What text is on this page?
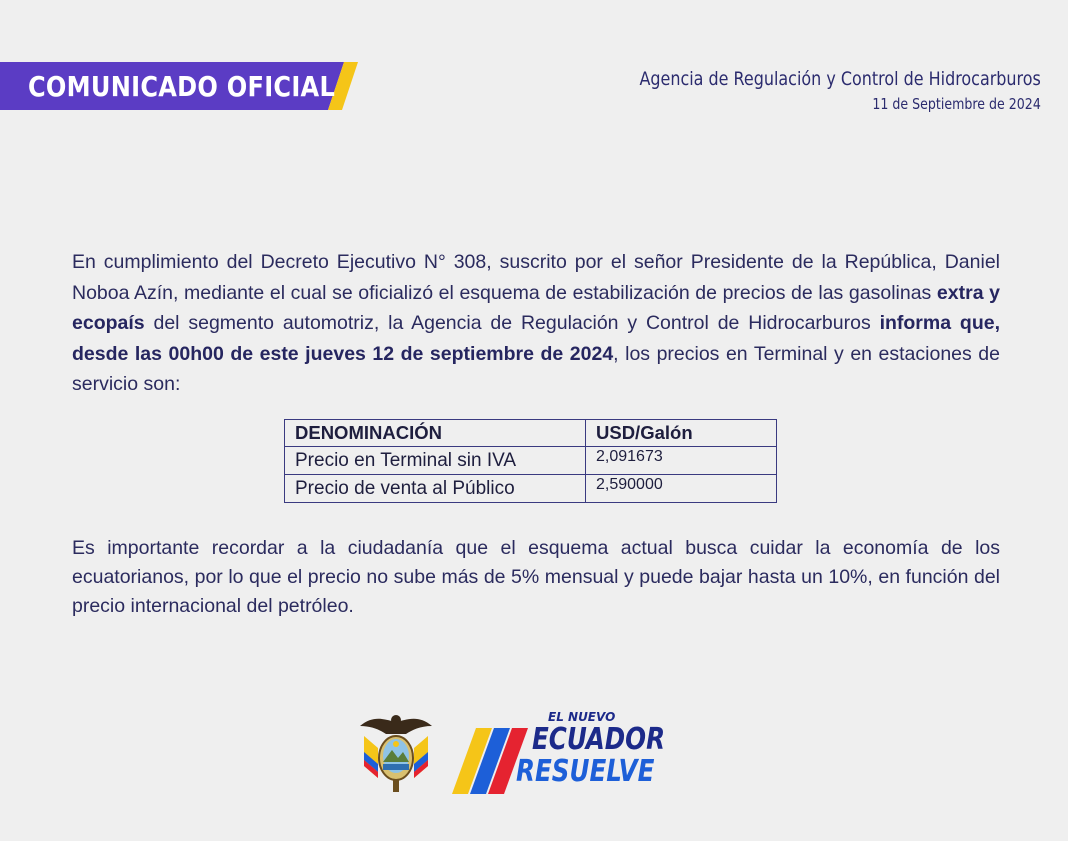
COMUNICADO OFICIAL	Agencia de Regulación y Control de Hidrocarburos
11 de Septiembre de 2024

En cumplimiento del Decreto Ejecutivo N° 308, suscrito por el señor Presidente de la República, Daniel Noboa Azín, mediante el cual se oficializó el esquema de estabilización de precios de las gasolinas extra y ecopaís del segmento automotriz, la Agencia de Regulación y Control de Hidrocarburos informa que, desde las 00h00 de este jueves 12 de septiembre de 2024, los precios en Terminal y en estaciones de servicio son:

DENOMINACIÓN	USD/Galón
Precio en Terminal sin IVA	2,091673
Precio de venta al Público	2,590000

Es importante recordar a la ciudadanía que el esquema actual busca cuidar la economía de los ecuatorianos, por lo que el precio no sube más de 5% mensual y puede bajar hasta un 10%, en función del precio internacional del petróleo.

EL NUEVO
ECUADOR
RESUELVE
